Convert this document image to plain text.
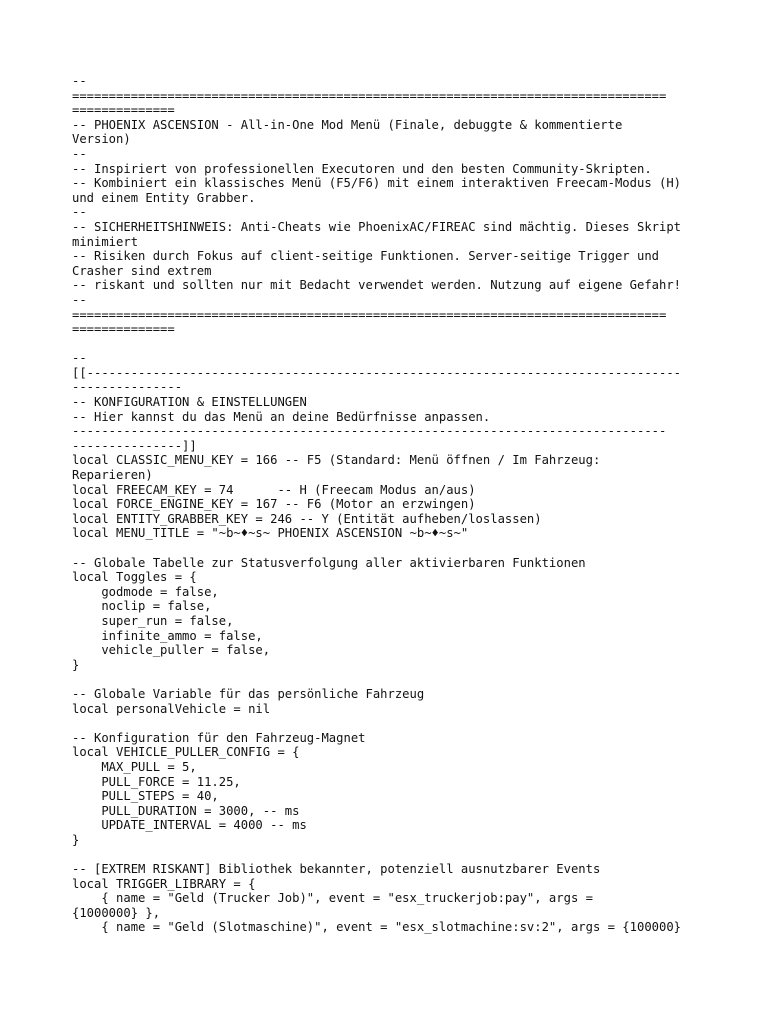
--
=================================================================================
==============
-- PHOENIX ASCENSION - All-in-One Mod Menü (Finale, debuggte & kommentierte
Version)
--
-- Inspiriert von professionellen Executoren und den besten Community-Skripten.
-- Kombiniert ein klassisches Menü (F5/F6) mit einem interaktiven Freecam-Modus (H)
und einem Entity Grabber.
--
-- SICHERHEITSHINWEIS: Anti-Cheats wie PhoenixAC/FIREAC sind mächtig. Dieses Skript
minimiert
-- Risiken durch Fokus auf client-seitige Funktionen. Server-seitige Trigger und
Crasher sind extrem
-- riskant und sollten nur mit Bedacht verwendet werden. Nutzung auf eigene Gefahr!
--
=================================================================================
==============
--
[[---------------------------------------------------------------------------------
---------------
-- KONFIGURATION & EINSTELLUNGEN
-- Hier kannst du das Menü an deine Bedürfnisse anpassen.
---------------------------------------------------------------------------------
---------------]]
local CLASSIC_MENU_KEY = 166 -- F5 (Standard: Menü öffnen / Im Fahrzeug:
Reparieren)
local FREECAM_KEY = 74      -- H (Freecam Modus an/aus)
local FORCE_ENGINE_KEY = 167 -- F6 (Motor an erzwingen)
local ENTITY_GRABBER_KEY = 246 -- Y (Entität aufheben/loslassen)
local MENU_TITLE = "~b~♦~s~ PHOENIX ASCENSION ~b~♦~s~"
-- Globale Tabelle zur Statusverfolgung aller aktivierbaren Funktionen
local Toggles = {
godmode = false,
noclip = false,
super_run = false,
infinite_ammo = false,
vehicle_puller = false,
}
-- Globale Variable für das persönliche Fahrzeug
local personalVehicle = nil
-- Konfiguration für den Fahrzeug-Magnet
local VEHICLE_PULLER_CONFIG = {
MAX_PULL = 5,
PULL_FORCE = 11.25,
PULL_STEPS = 40,
PULL_DURATION = 3000, -- ms
UPDATE_INTERVAL = 4000 -- ms
}
-- [EXTREM RISKANT] Bibliothek bekannter, potenziell ausnutzbarer Events
local TRIGGER_LIBRARY = {
{ name = "Geld (Trucker Job)", event = "esx_truckerjob:pay", args =
{1000000} },
{ name = "Geld (Slotmaschine)", event = "esx_slotmachine:sv:2", args = {100000}
